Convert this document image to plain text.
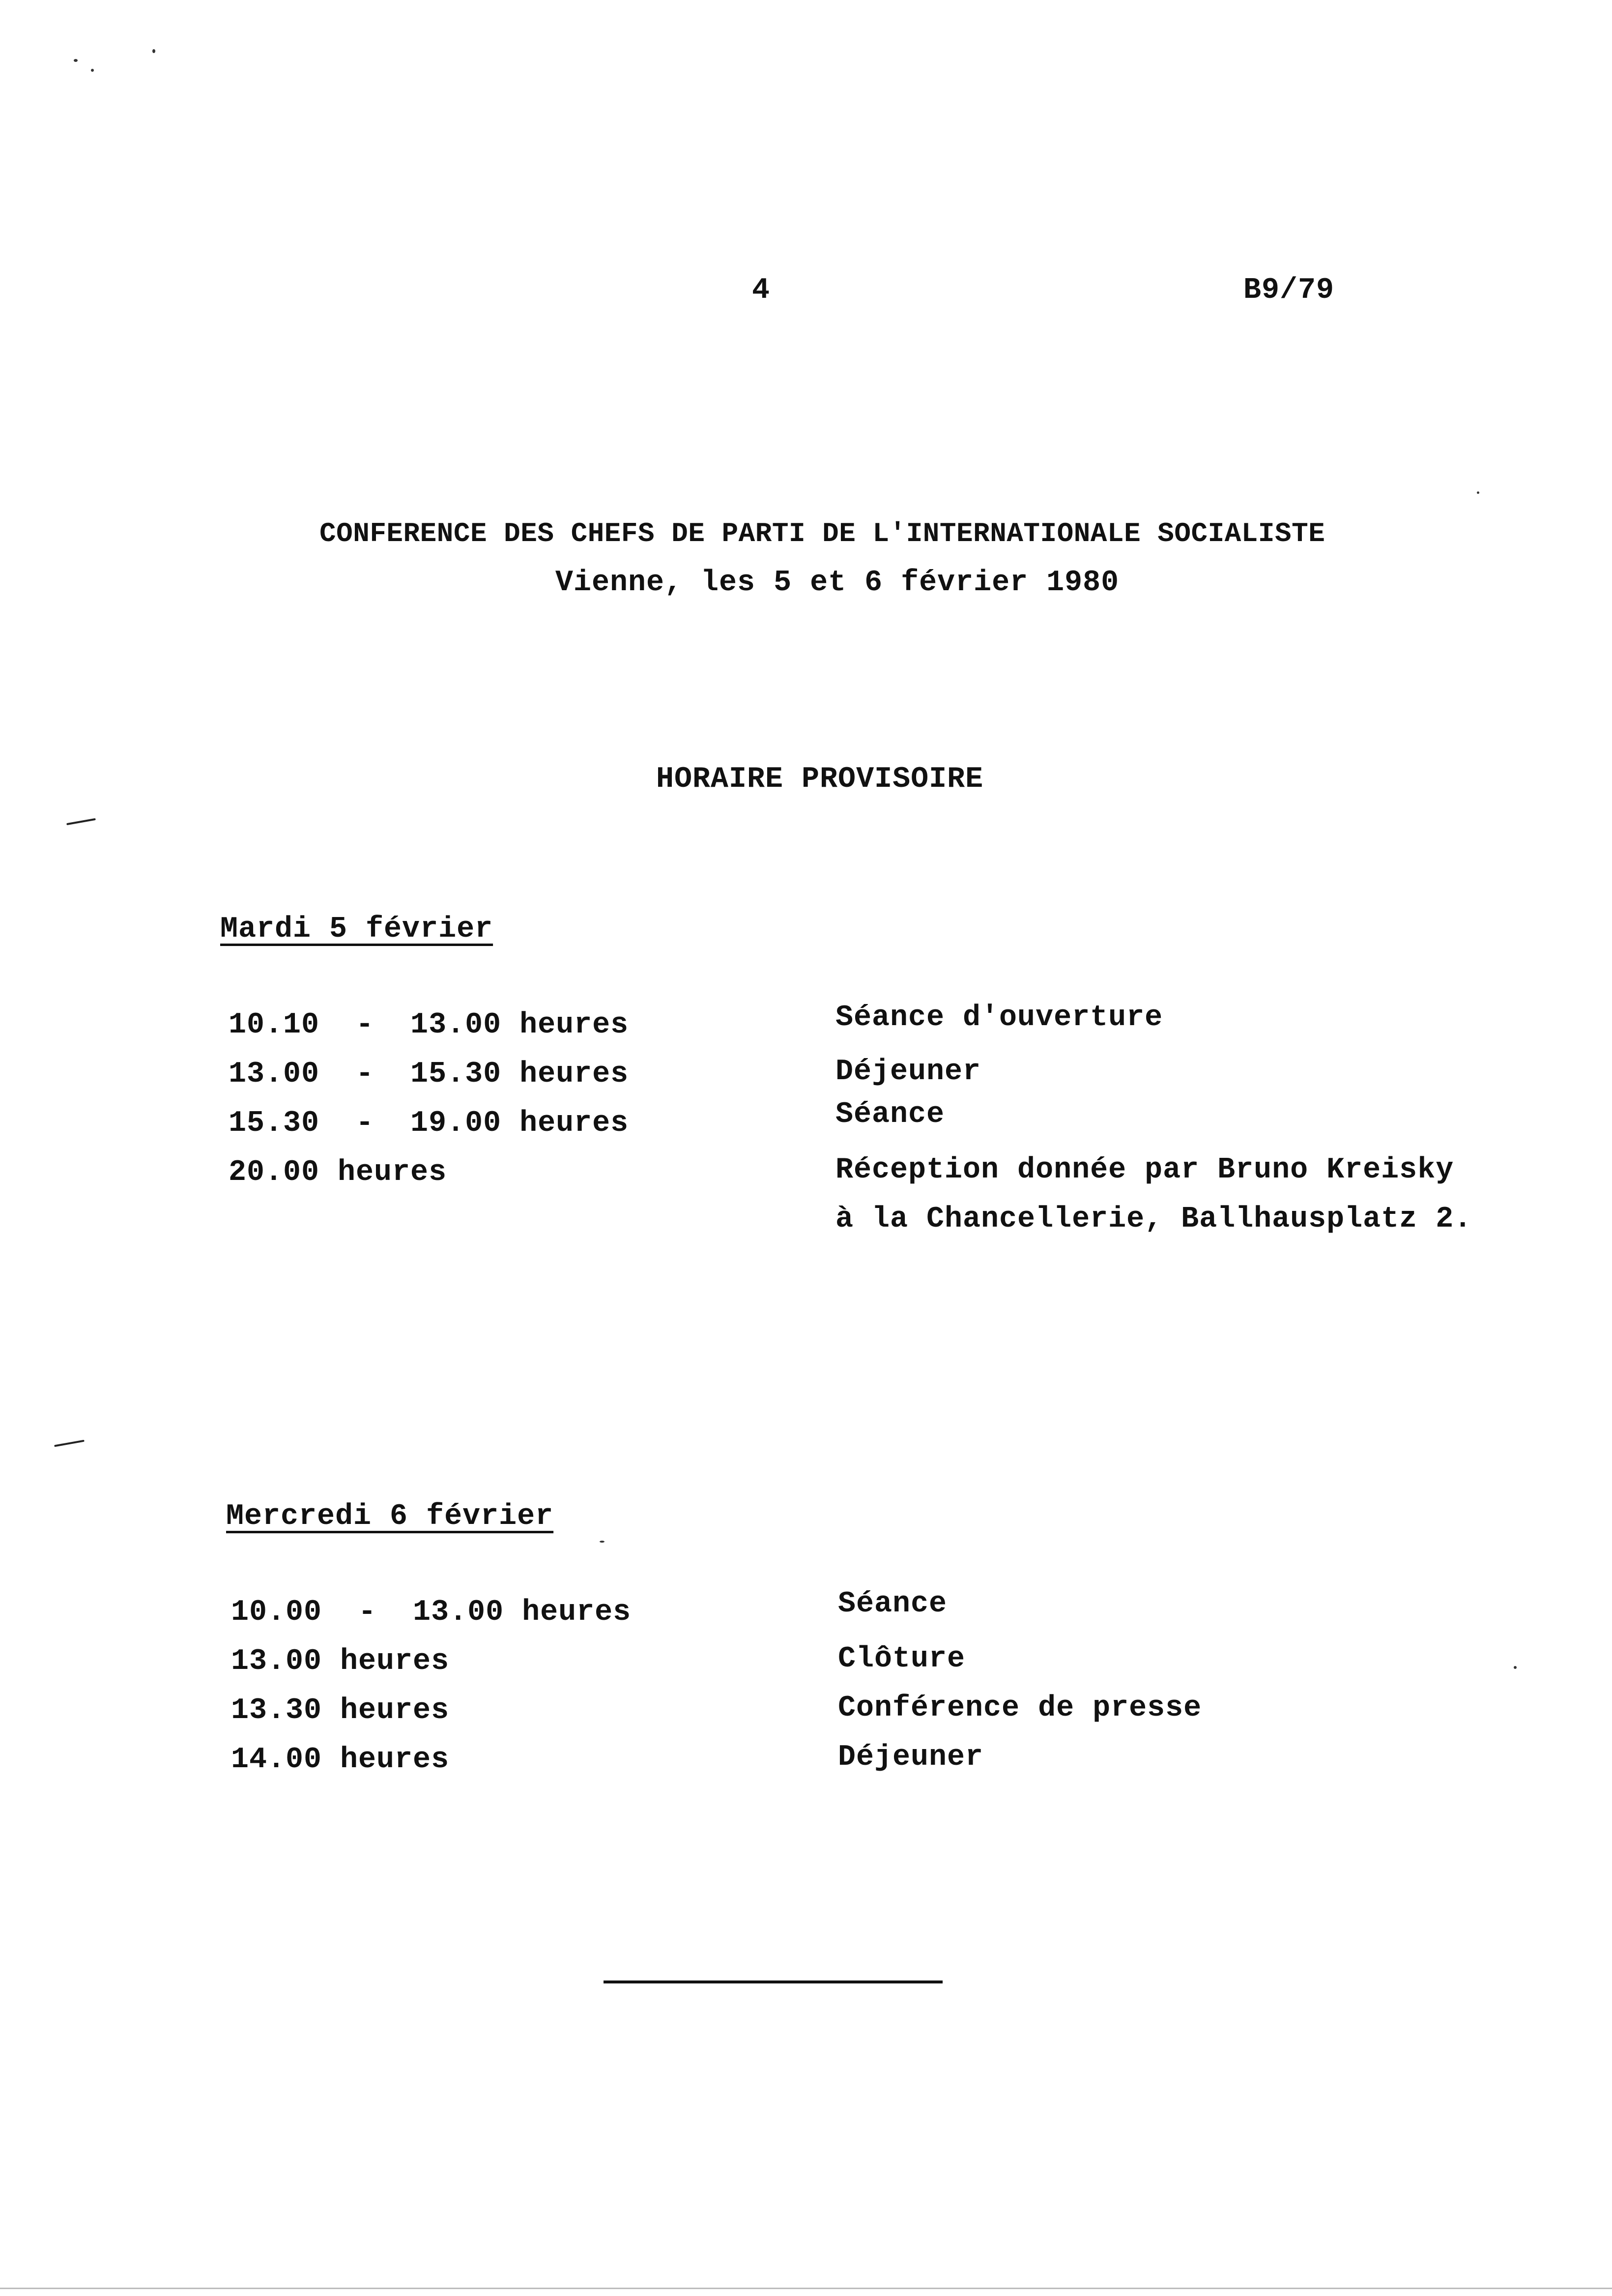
4	B9/79
CONFERENCE DES CHEFS DE PARTI DE L'INTERNATIONALE SOCIALISTE
Vienne, les 5 et 6 février 1980
HORAIRE PROVISOIRE
Mardi 5 février
10.10  -  13.00 heures	Séance d'ouverture
13.00  -  15.30 heures	Déjeuner
15.30  -  19.00 heures	Séance
20.00 heures	Réception donnée par Bruno Kreisky
à la Chancellerie, Ballhausplatz 2.
Mercredi 6 février
10.00  -  13.00 heures	Séance
13.00 heures	Clôture
13.30 heures	Conférence de presse
14.00 heures	Déjeuner
